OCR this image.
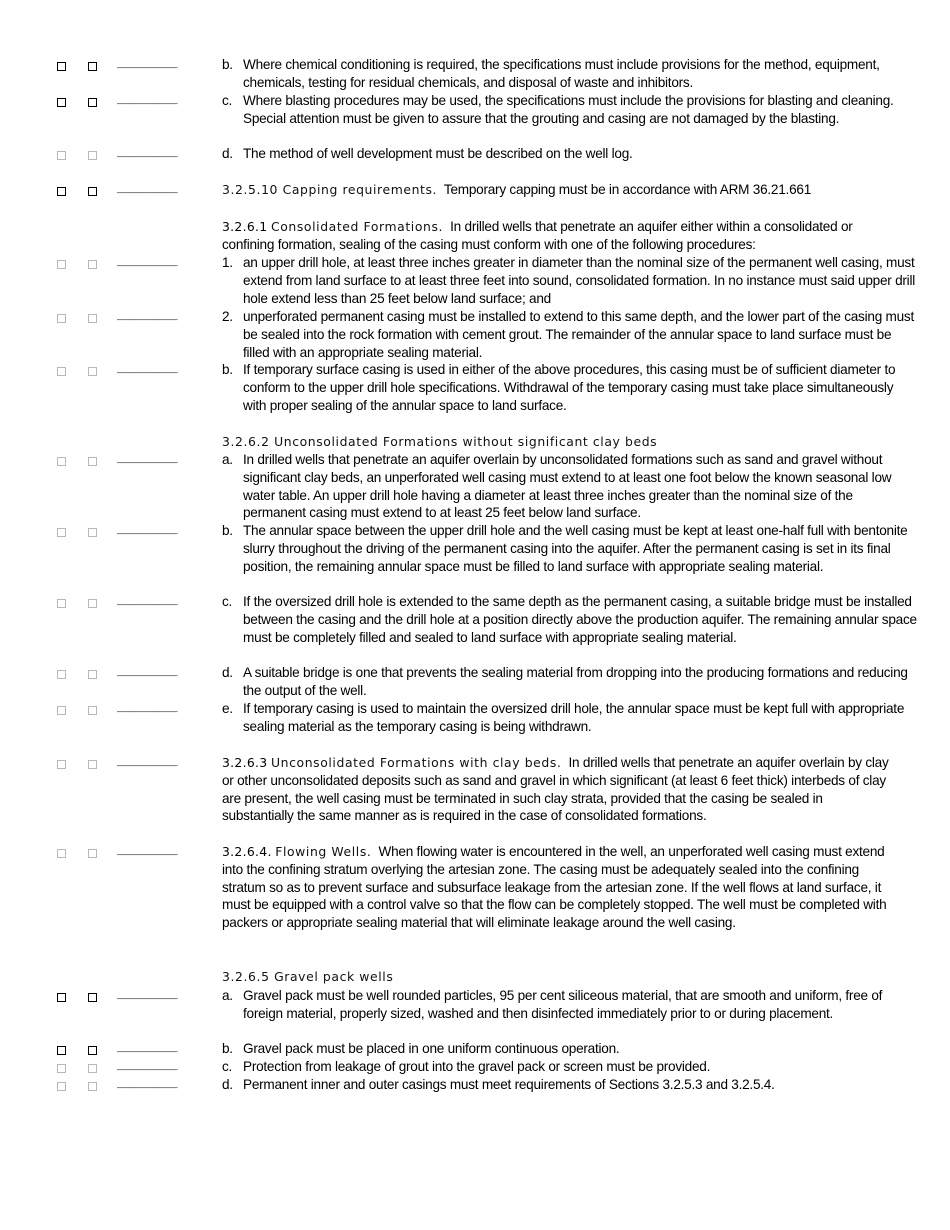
__________	b. Where chemical conditioning is required, the specifications must include provisions for the method, equipment, chemicals, testing for residual chemicals, and disposal of waste and inhibitors.
__________	c. Where blasting procedures may be used, the specifications must include the provisions for blasting and cleaning. Special attention must be given to assure that the grouting and casing are not damaged by the blasting.
__________	d. The method of well development must be described on the well log.
__________	3.2.5.10 Capping requirements. Temporary capping must be in accordance with ARM 36.21.661
3.2.6.1 Consolidated Formations. In drilled wells that penetrate an aquifer either within a consolidated or confining formation, sealing of the casing must conform with one of the following procedures:
__________	1. an upper drill hole, at least three inches greater in diameter than the nominal size of the permanent well casing, must extend from land surface to at least three feet into sound, consolidated formation. In no instance must said upper drill hole extend less than 25 feet below land surface; and
__________	2. unperforated permanent casing must be installed to extend to this same depth, and the lower part of the casing must be sealed into the rock formation with cement grout. The remainder of the annular space to land surface must be filled with an appropriate sealing material.
__________	b. If temporary surface casing is used in either of the above procedures, this casing must be of sufficient diameter to conform to the upper drill hole specifications. Withdrawal of the temporary casing must take place simultaneously with proper sealing of the annular space to land surface.
3.2.6.2 Unconsolidated Formations without significant clay beds
__________	a. In drilled wells that penetrate an aquifer overlain by unconsolidated formations such as sand and gravel without significant clay beds, an unperforated well casing must extend to at least one foot below the known seasonal low water table. An upper drill hole having a diameter at least three inches greater than the nominal size of the permanent casing must extend to at least 25 feet below land surface.
__________	b. The annular space between the upper drill hole and the well casing must be kept at least one-half full with bentonite slurry throughout the driving of the permanent casing into the aquifer. After the permanent casing is set in its final position, the remaining annular space must be filled to land surface with appropriate sealing material.
__________	c. If the oversized drill hole is extended to the same depth as the permanent casing, a suitable bridge must be installed between the casing and the drill hole at a position directly above the production aquifer. The remaining annular space must be completely filled and sealed to land surface with appropriate sealing material.
__________	d. A suitable bridge is one that prevents the sealing material from dropping into the producing formations and reducing the output of the well.
__________	e. If temporary casing is used to maintain the oversized drill hole, the annular space must be kept full with appropriate sealing material as the temporary casing is being withdrawn.
__________	3.2.6.3 Unconsolidated Formations with clay beds. In drilled wells that penetrate an aquifer overlain by clay or other unconsolidated deposits such as sand and gravel in which significant (at least 6 feet thick) interbeds of clay are present, the well casing must be terminated in such clay strata, provided that the casing be sealed in substantially the same manner as is required in the case of consolidated formations.
__________	3.2.6.4. Flowing Wells. When flowing water is encountered in the well, an unperforated well casing must extend into the confining stratum overlying the artesian zone. The casing must be adequately sealed into the confining stratum so as to prevent surface and subsurface leakage from the artesian zone. If the well flows at land surface, it must be equipped with a control valve so that the flow can be completely stopped. The well must be completed with packers or appropriate sealing material that will eliminate leakage around the well casing.
3.2.6.5 Gravel pack wells
__________	a. Gravel pack must be well rounded particles, 95 per cent siliceous material, that are smooth and uniform, free of foreign material, properly sized, washed and then disinfected immediately prior to or during placement.
__________	b. Gravel pack must be placed in one uniform continuous operation.
__________	c. Protection from leakage of grout into the gravel pack or screen must be provided.
__________	d. Permanent inner and outer casings must meet requirements of Sections 3.2.5.3 and 3.2.5.4.
